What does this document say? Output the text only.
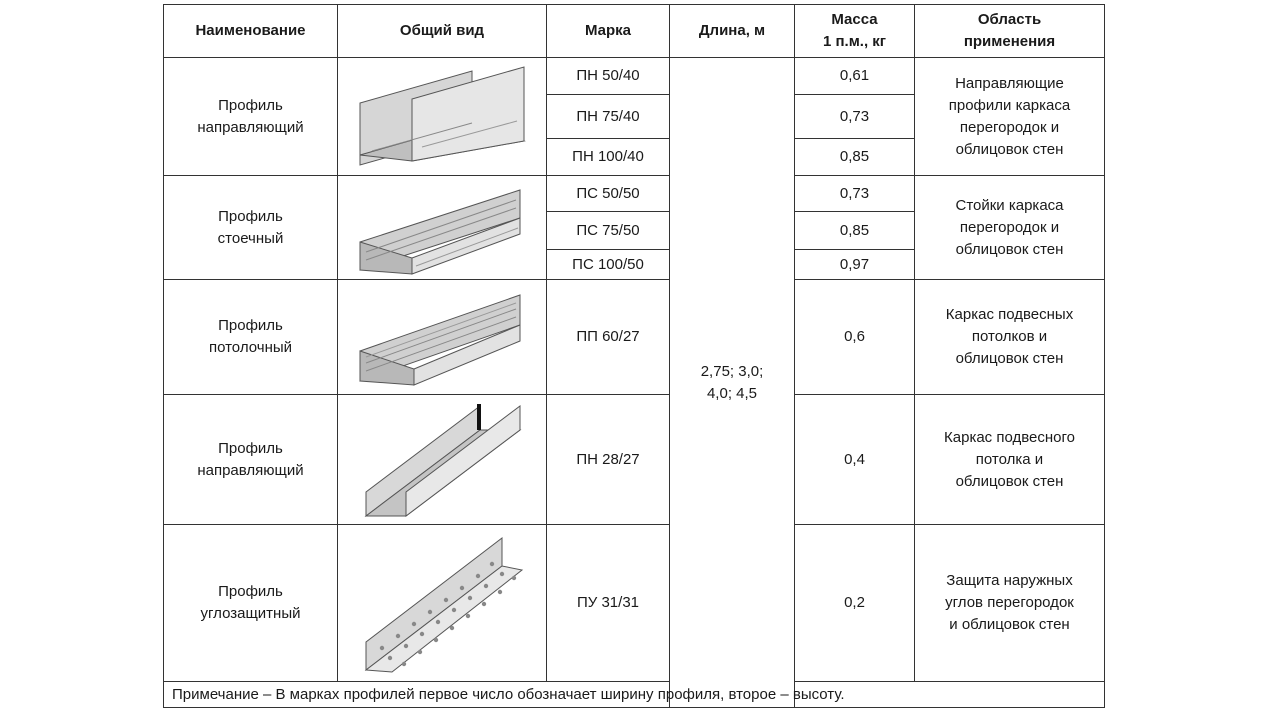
Наименование	Общий вид	Марка	Длина, м	Масса
1 п.м., кг	Область
применения
Профиль
направляющий		ПН 50/40	2,75; 3,0;
4,0; 4,5	0,61	Направляющие
профили каркаса
перегородок и
облицовок стен
		ПН 75/40		0,73	
		ПН 100/40		0,85	
Профиль
стоечный		ПС 50/50		0,73	Стойки каркаса
перегородок и
облицовок стен
		ПС 75/50		0,85	
		ПС 100/50		0,97	
Профиль
потолочный		ПП 60/27		0,6	Каркас подвесных
потолков и
облицовок стен
Профиль
направляющий		ПН 28/27		0,4	Каркас подвесного
потолка и
облицовок стен
Профиль
углозащитный		ПУ 31/31		0,2	Защита наружных
углов перегородок
и облицовок стен
Примечание – В марках профилей первое число обозначает ширину профиля, второе – высоту.					
